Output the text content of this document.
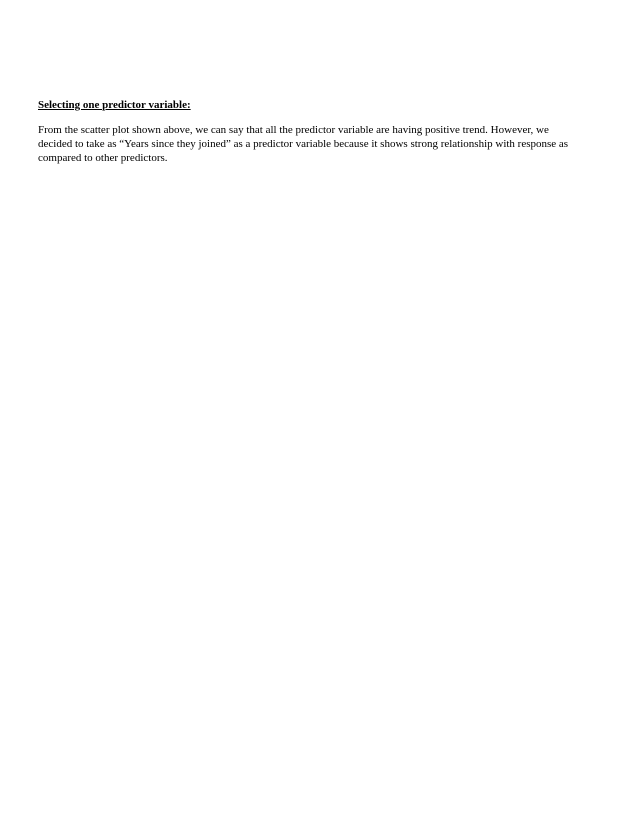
Selecting one predictor variable:
From the scatter plot shown above, we can say that all the predictor variable are having positive trend. However, we
decided to take as “Years since they joined” as a predictor variable because it shows strong relationship with response as
compared to other predictors.
